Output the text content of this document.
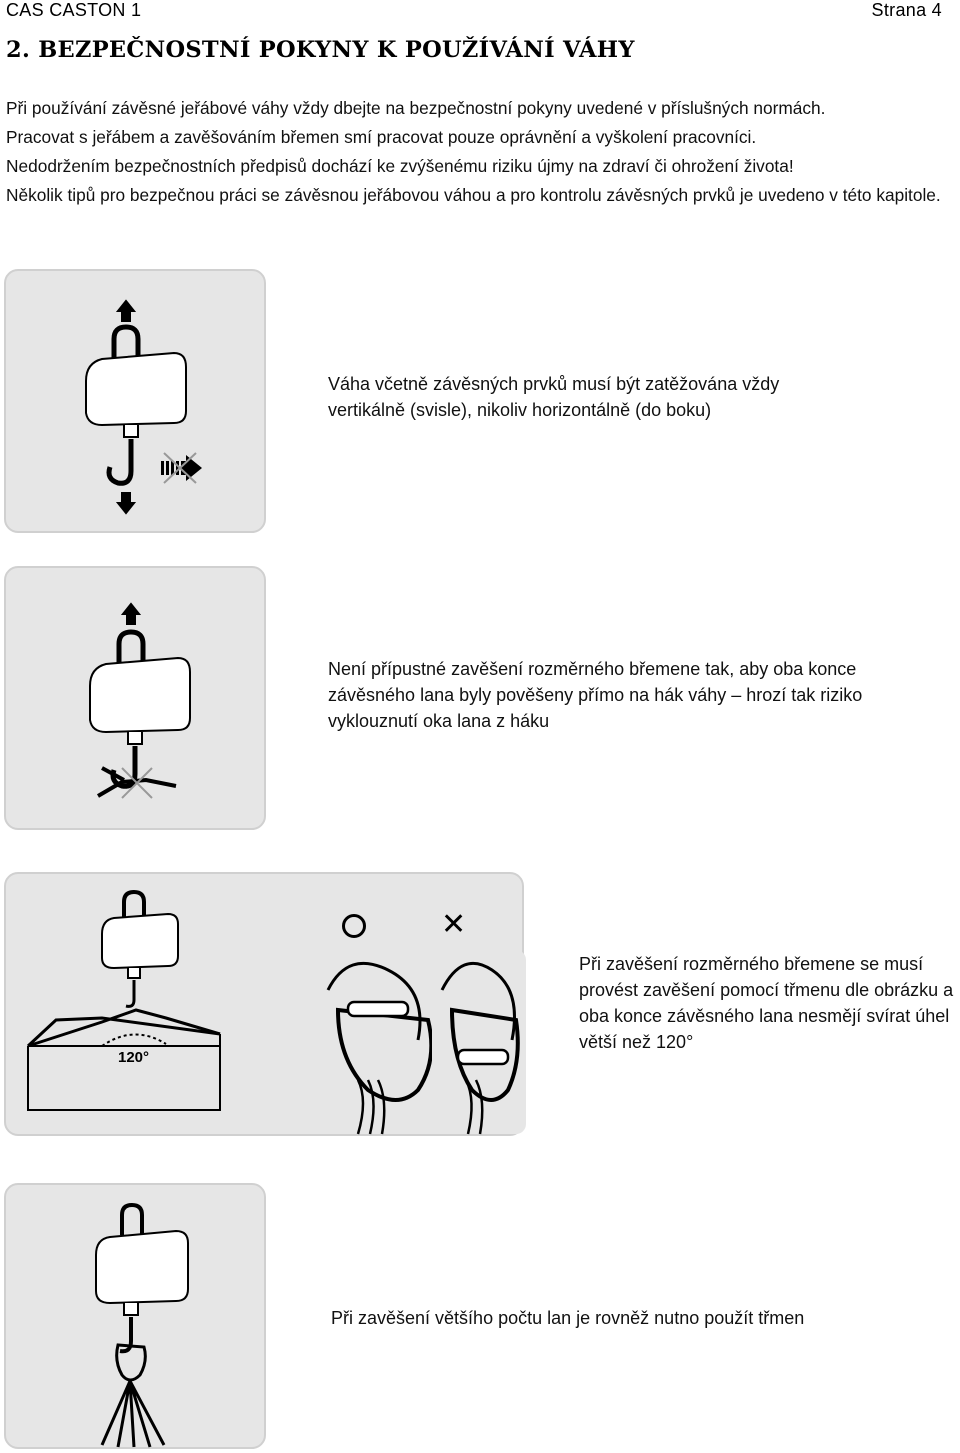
CAS CASTON 1	Strana 4
2. BEZPEČNOSTNÍ POKYNY K POUŽÍVÁNÍ VÁHY

Při používání závěsné jeřábové váhy vždy dbejte na bezpečnostní pokyny uvedené v příslušných normách.

Pracovat s jeřábem a zavěšováním břemen smí pracovat pouze oprávnění a vyškolení pracovníci.

Nedodržením bezpečnostních předpisů dochází ke zvýšenému riziku újmy na zdraví či ohrožení života!

Několik tipů pro bezpečnou práci se závěsnou jeřábovou váhou a pro kontrolu závěsných prvků je uvedeno v této kapitole.

Váha včetně závěsných prvků musí být zatěžována vždy vertikálně (svisle), nikoliv horizontálně (do boku)
Není přípustné zavěšení rozměrného břemene tak, aby oba konce závěsného lana byly pověšeny přímo na hák váhy – hrozí tak riziko vyklouznutí oka lana z háku
120°
✕
Při zavěšení rozměrného břemene se musí provést zavěšení pomocí třmenu dle obrázku a oba konce závěsného lana nesmějí svírat úhel větší než 120°
Při zavěšení většího počtu lan je rovněž nutno použít třmen
